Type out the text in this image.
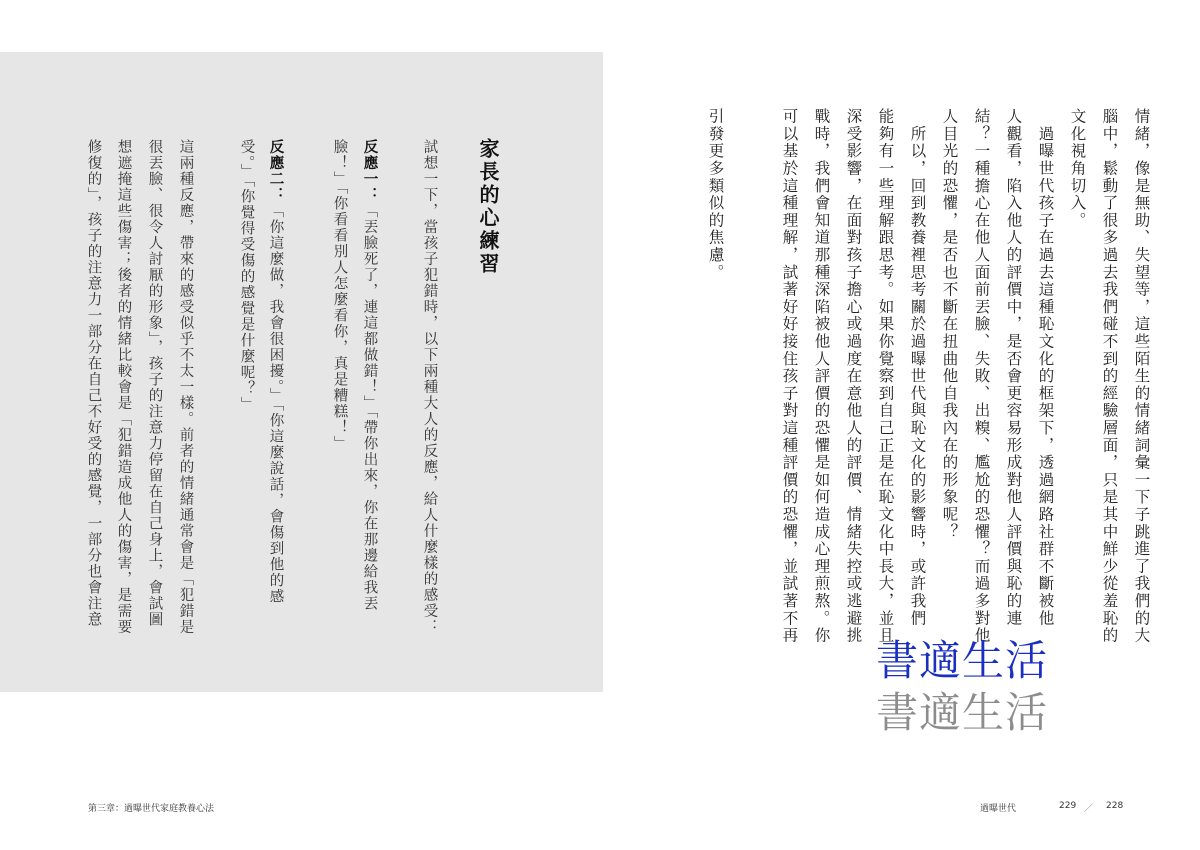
家長的心練習
試想一下，當孩子犯錯時，以下兩種大人的反應，給人什麼樣的感受：
反應一：「丟臉死了，連這都做錯！」「帶你出來，你在那邊給我丟
臉！」「你看看別人怎麼看你，真是糟糕！」
反應二：「你這麼做，我會很困擾。」「你這麼說話，會傷到他的感
受。」「你覺得受傷的感覺是什麼呢？」
這兩種反應，帶來的感受似乎不太一樣。前者的情緒通常會是「犯錯是
很丟臉、很令人討厭的形象」，孩子的注意力停留在自己身上，會試圖
想遮掩這些傷害；後者的情緒比較會是「犯錯造成他人的傷害，是需要
修復的」，孩子的注意力一部分在自己不好受的感覺，一部分也會注意	情緒，像是無助、失望等，這些陌生的情緒詞彙一下子跳進了我們的大
腦中，鬆動了很多過去我們碰不到的經驗層面，只是其中鮮少從羞恥的
文化視角切入。
　過曝世代孩子在過去這種恥文化的框架下，透過網路社群不斷被他
人觀看，陷入他人的評價中，是否會更容易形成對他人評價與恥的連
結？一種擔心在他人面前丟臉、失敗、出糗、尷尬的恐懼？而過多對他
人目光的恐懼，是否也不斷在扭曲他自我內在的形象呢？
　所以，回到教養裡思考關於過曝世代與恥文化的影響時，或許我們
能夠有一些理解跟思考。如果你覺察到自己正是在恥文化中長大，並且
深受影響，在面對孩子擔心或過度在意他人的評價、情緒失控或逃避挑
戰時，我們會知道那種深陷被他人評價的恐懼是如何造成心理煎熬。你
可以基於這種理解，試著好好接住孩子對這種評價的恐懼，並試著不再
引發更多類似的焦慮。
書適生活
書適生活
第三章：過曝世代家庭教養心法	過曝世代	229 ／ 228
